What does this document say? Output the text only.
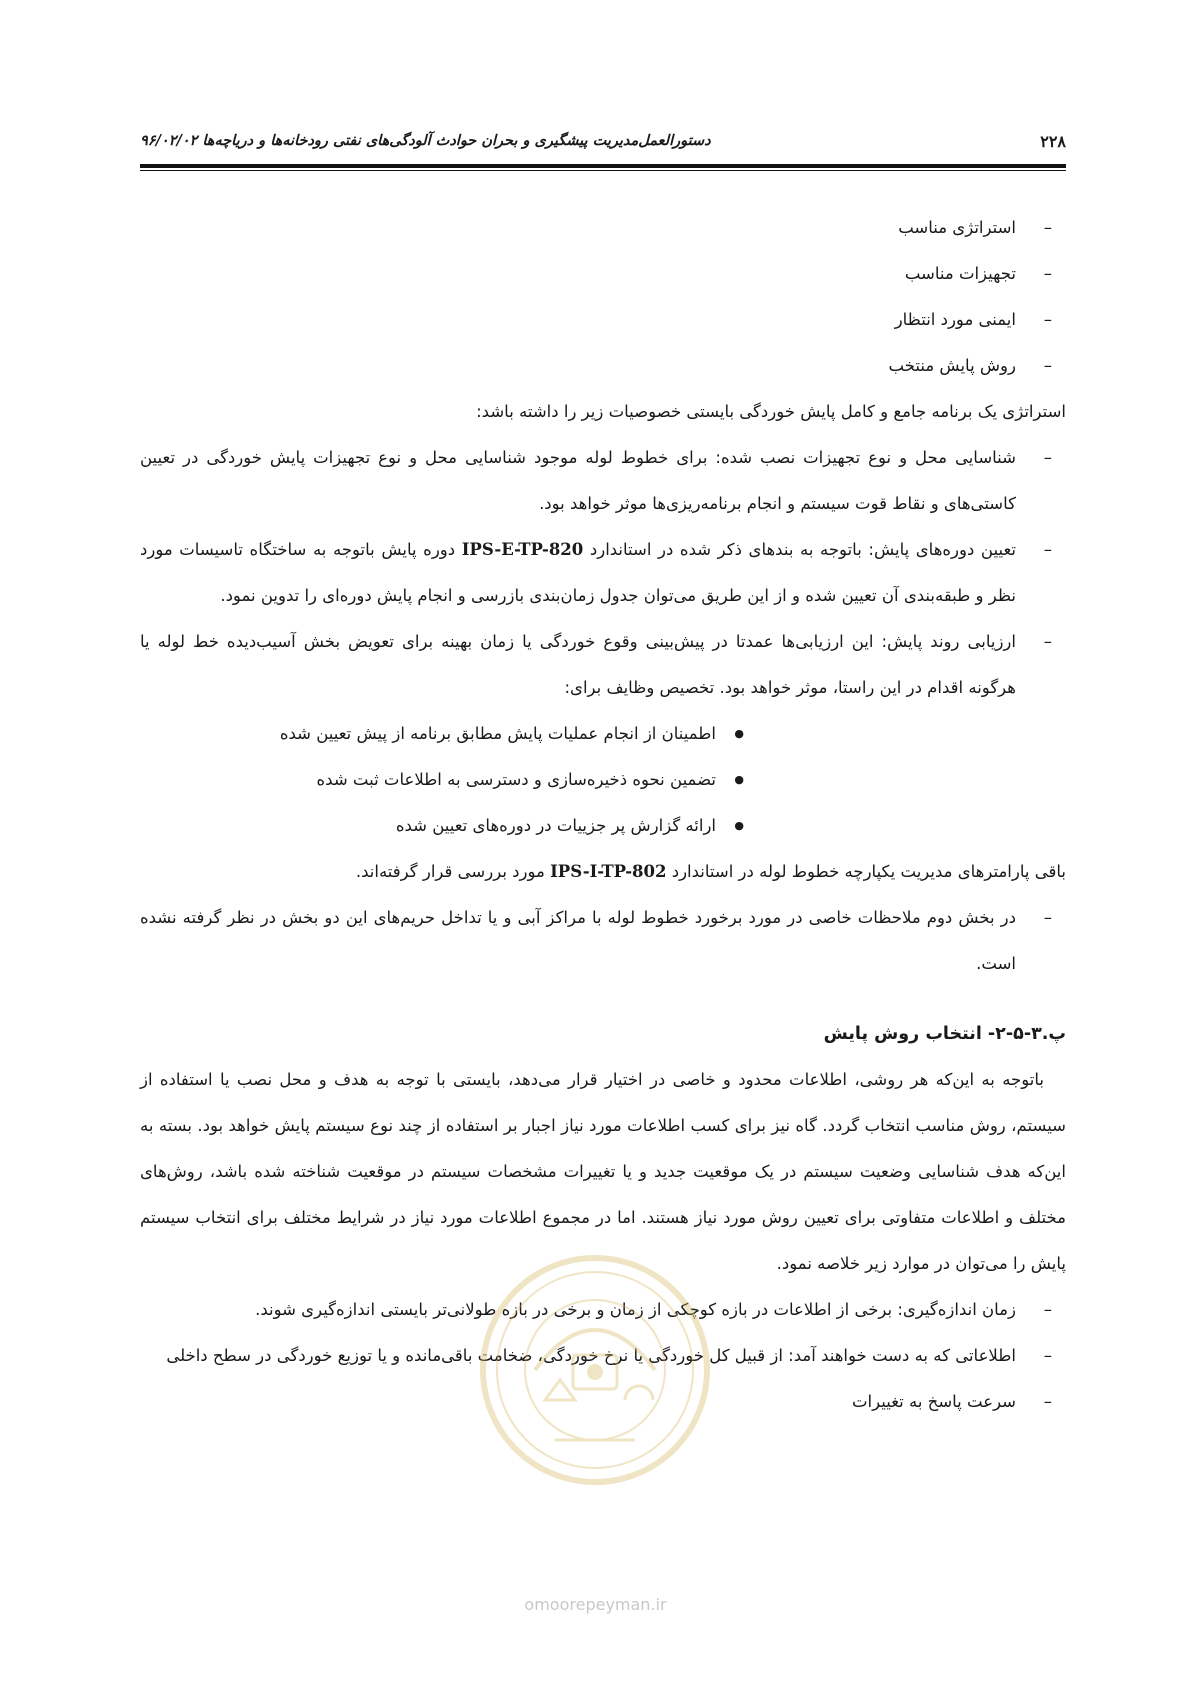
۲۲۸
دستورالعمل‌مدیریت پیشگیری و بحران حوادث آلودگی‌های نفتی رودخانه‌ها و دریاچه‌ها ۹۶/۰۲/۰۲
– استراتژی مناسب
– تجهیزات مناسب
– ایمنی مورد انتظار
– روش پایش منتخب
استراتژی یک برنامه جامع و کامل پایش خوردگی بایستی خصوصیات زیر را داشته باشد:
– شناسایی محل و نوع تجهیزات نصب شده: برای خطوط لوله موجود شناسایی محل و نوع تجهیزات پایش خوردگی در تعیین کاستی‌های و نقاط قوت سیستم و انجام برنامه‌ریزی‌ها موثر خواهد بود.
– تعیین دوره‌های پایش: باتوجه به بندهای ذکر شده در استاندارد IPS-E-TP-820 دوره پایش باتوجه به ساختگاه تاسیسات مورد نظر و طبقه‌بندی آن تعیین شده و از این طریق می‌توان جدول زمان‌بندی بازرسی و انجام پایش دوره‌ای را تدوین نمود.
– ارزیابی روند پایش: این ارزیابی‌ها عمدتا در پیش‌بینی وقوع خوردگی یا زمان بهینه برای تعویض بخش آسیب‌دیده خط لوله یا هرگونه اقدام در این راستا، موثر خواهد بود. تخصیص وظایف برای:
● اطمینان از انجام عملیات پایش مطابق برنامه از پیش تعیین شده
● تضمین نحوه ذخیره‌سازی و دسترسی به اطلاعات ثبت شده
● ارائه گزارش پر جزییات در دوره‌های تعیین شده
باقی پارامترهای مدیریت یکپارچه خطوط لوله در استاندارد IPS-I-TP-802 مورد بررسی قرار گرفته‌اند.
– در بخش دوم ملاحظات خاصی در مورد برخورد خطوط لوله با مراکز آبی و یا تداخل حریم‌های این دو بخش در نظر گرفته نشده است.
پ.۳-۵-۲- انتخاب روش پایش
باتوجه به این‌که هر روشی، اطلاعات محدود و خاصی در اختیار قرار می‌دهد، بایستی با توجه به هدف و محل نصب یا استفاده از سیستم، روش مناسب انتخاب گردد. گاه نیز برای کسب اطلاعات مورد نیاز اجبار بر استفاده از چند نوع سیستم پایش خواهد بود. بسته به این‌که هدف شناسایی وضعیت سیستم در یک موقعیت جدید و یا تغییرات مشخصات سیستم در موقعیت شناخته شده باشد، روش‌های مختلف و اطلاعات متفاوتی برای تعیین روش مورد نیاز هستند. اما در مجموع اطلاعات مورد نیاز در شرایط مختلف برای انتخاب سیستم پایش را می‌توان در موارد زیر خلاصه نمود.
– زمان اندازه‌گیری: برخی از اطلاعات در بازه کوچکی از زمان و برخی در بازه طولانی‌تر بایستی اندازه‌گیری شوند.
– اطلاعاتی که به دست خواهند آمد: از قبیل کل خوردگی یا نرخ خوردگی، ضخامت باقی‌مانده و یا توزیع خوردگی در سطح داخلی
– سرعت پاسخ به تغییرات
omoorepeyman.ir
